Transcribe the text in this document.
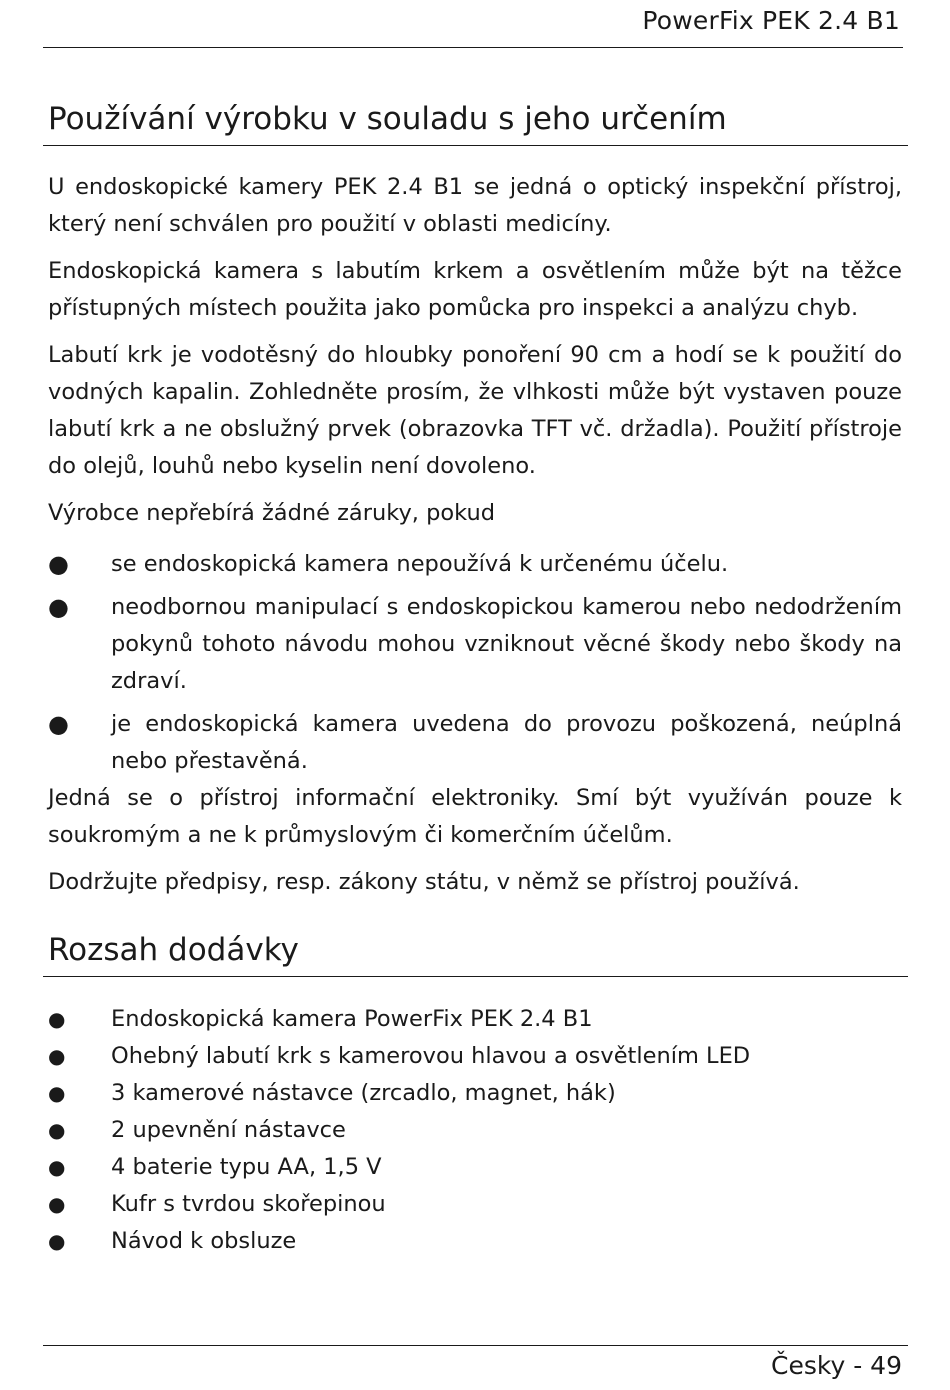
PowerFix PEK 2.4 B1
Používání výrobku v souladu s jeho určením

U endoskopické kamery PEK 2.4 B1 se jedná o optický inspekční přístroj, který není schválen pro použití v oblasti medicíny.

Endoskopická kamera s labutím krkem a osvětlením může být na těžce přístupných místech použita jako pomůcka pro inspekci a analýzu chyb.

Labutí krk je vodotěsný do hloubky ponoření 90 cm a hodí se k použití do vodných kapalin. Zohledněte prosím, že vlhkosti může být vystaven pouze labutí krk a ne obslužný prvek (obrazovka TFT vč. držadla). Použití přístroje do olejů, louhů nebo kyselin není dovoleno.

Výrobce nepřebírá žádné záruky, pokud

● se endoskopická kamera nepoužívá k určenému účelu.
● neodbornou manipulací s endoskopickou kamerou nebo nedodržením pokynů tohoto návodu mohou vzniknout věcné škody nebo škody na zdraví.
● je endoskopická kamera uvedena do provozu poškozená, neúplná nebo přestavěná.

Jedná se o přístroj informační elektroniky. Smí být využíván pouze k soukromým a ne k průmyslovým či komerčním účelům.

Dodržujte předpisy, resp. zákony státu, v němž se přístroj používá.

Rozsah dodávky
● Endoskopická kamera PowerFix PEK 2.4 B1
● Ohebný labutí krk s kamerovou hlavou a osvětlením LED
● 3 kamerové nástavce (zrcadlo, magnet, hák)
● 2 upevnění nástavce
● 4 baterie typu AA, 1,5 V
● Kufr s tvrdou skořepinou
● Návod k obsluze
Česky - 49
